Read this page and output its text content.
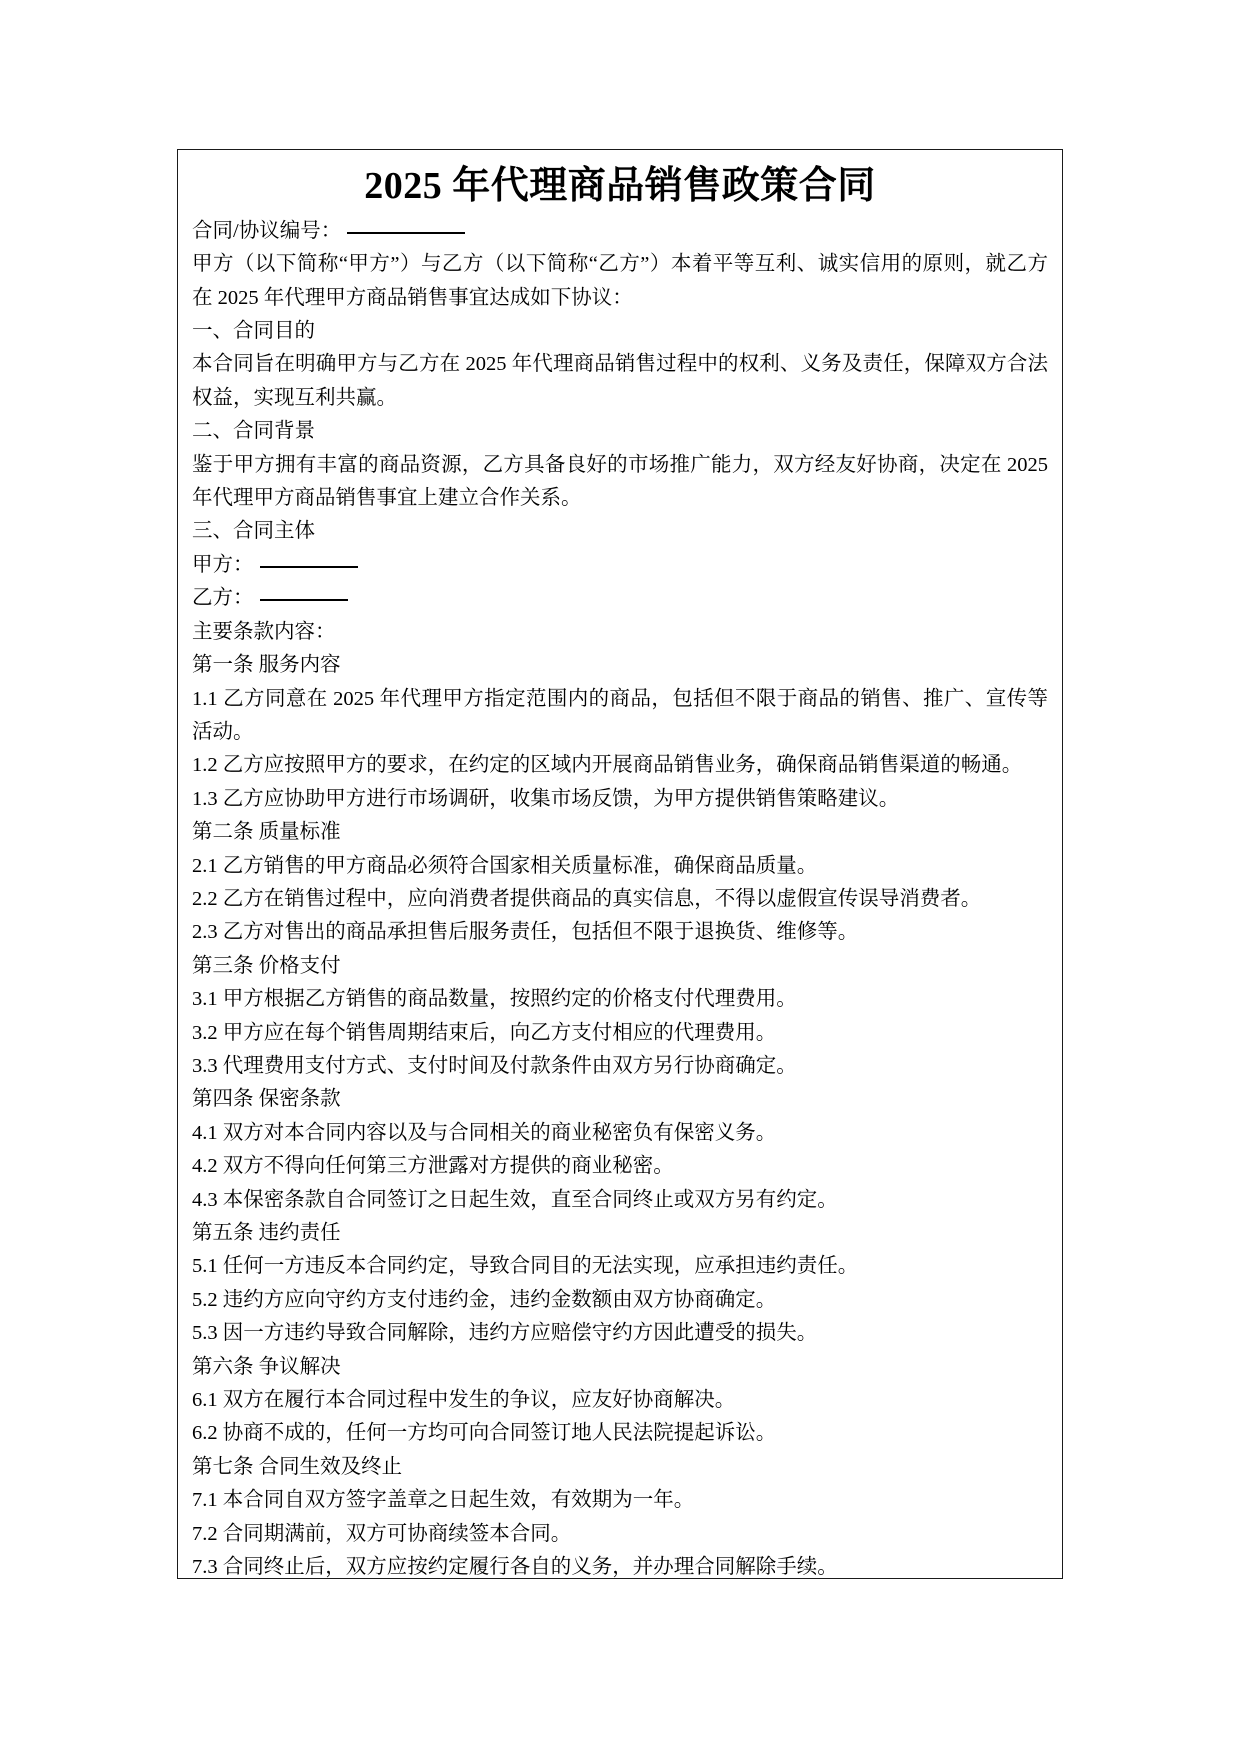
2025 年代理商品销售政策合同

合同/协议编号：

甲方（以下简称“甲方”）与乙方（以下简称“乙方”）本着平等互利、诚实信用的原则，就乙方在 2025 年代理甲方商品销售事宜达成如下协议：

一、合同目的

本合同旨在明确甲方与乙方在 2025 年代理商品销售过程中的权利、义务及责任，保障双方合法权益，实现互利共赢。

二、合同背景

鉴于甲方拥有丰富的商品资源，乙方具备良好的市场推广能力，双方经友好协商，决定在 2025 年代理甲方商品销售事宜上建立合作关系。

三、合同主体

甲方：

乙方：

主要条款内容：

第一条 服务内容

1.1 乙方同意在 2025 年代理甲方指定范围内的商品，包括但不限于商品的销售、推广、宣传等活动。

1.2 乙方应按照甲方的要求，在约定的区域内开展商品销售业务，确保商品销售渠道的畅通。

1.3 乙方应协助甲方进行市场调研，收集市场反馈，为甲方提供销售策略建议。

第二条 质量标准

2.1 乙方销售的甲方商品必须符合国家相关质量标准，确保商品质量。

2.2 乙方在销售过程中，应向消费者提供商品的真实信息，不得以虚假宣传误导消费者。

2.3 乙方对售出的商品承担售后服务责任，包括但不限于退换货、维修等。

第三条 价格支付

3.1 甲方根据乙方销售的商品数量，按照约定的价格支付代理费用。

3.2 甲方应在每个销售周期结束后，向乙方支付相应的代理费用。

3.3 代理费用支付方式、支付时间及付款条件由双方另行协商确定。

第四条 保密条款

4.1 双方对本合同内容以及与合同相关的商业秘密负有保密义务。

4.2 双方不得向任何第三方泄露对方提供的商业秘密。

4.3 本保密条款自合同签订之日起生效，直至合同终止或双方另有约定。

第五条 违约责任

5.1 任何一方违反本合同约定，导致合同目的无法实现，应承担违约责任。

5.2 违约方应向守约方支付违约金，违约金数额由双方协商确定。

5.3 因一方违约导致合同解除，违约方应赔偿守约方因此遭受的损失。

第六条 争议解决

6.1 双方在履行本合同过程中发生的争议，应友好协商解决。

6.2 协商不成的，任何一方均可向合同签订地人民法院提起诉讼。

第七条 合同生效及终止

7.1 本合同自双方签字盖章之日起生效，有效期为一年。

7.2 合同期满前，双方可协商续签本合同。

7.3 合同终止后，双方应按约定履行各自的义务，并办理合同解除手续。
